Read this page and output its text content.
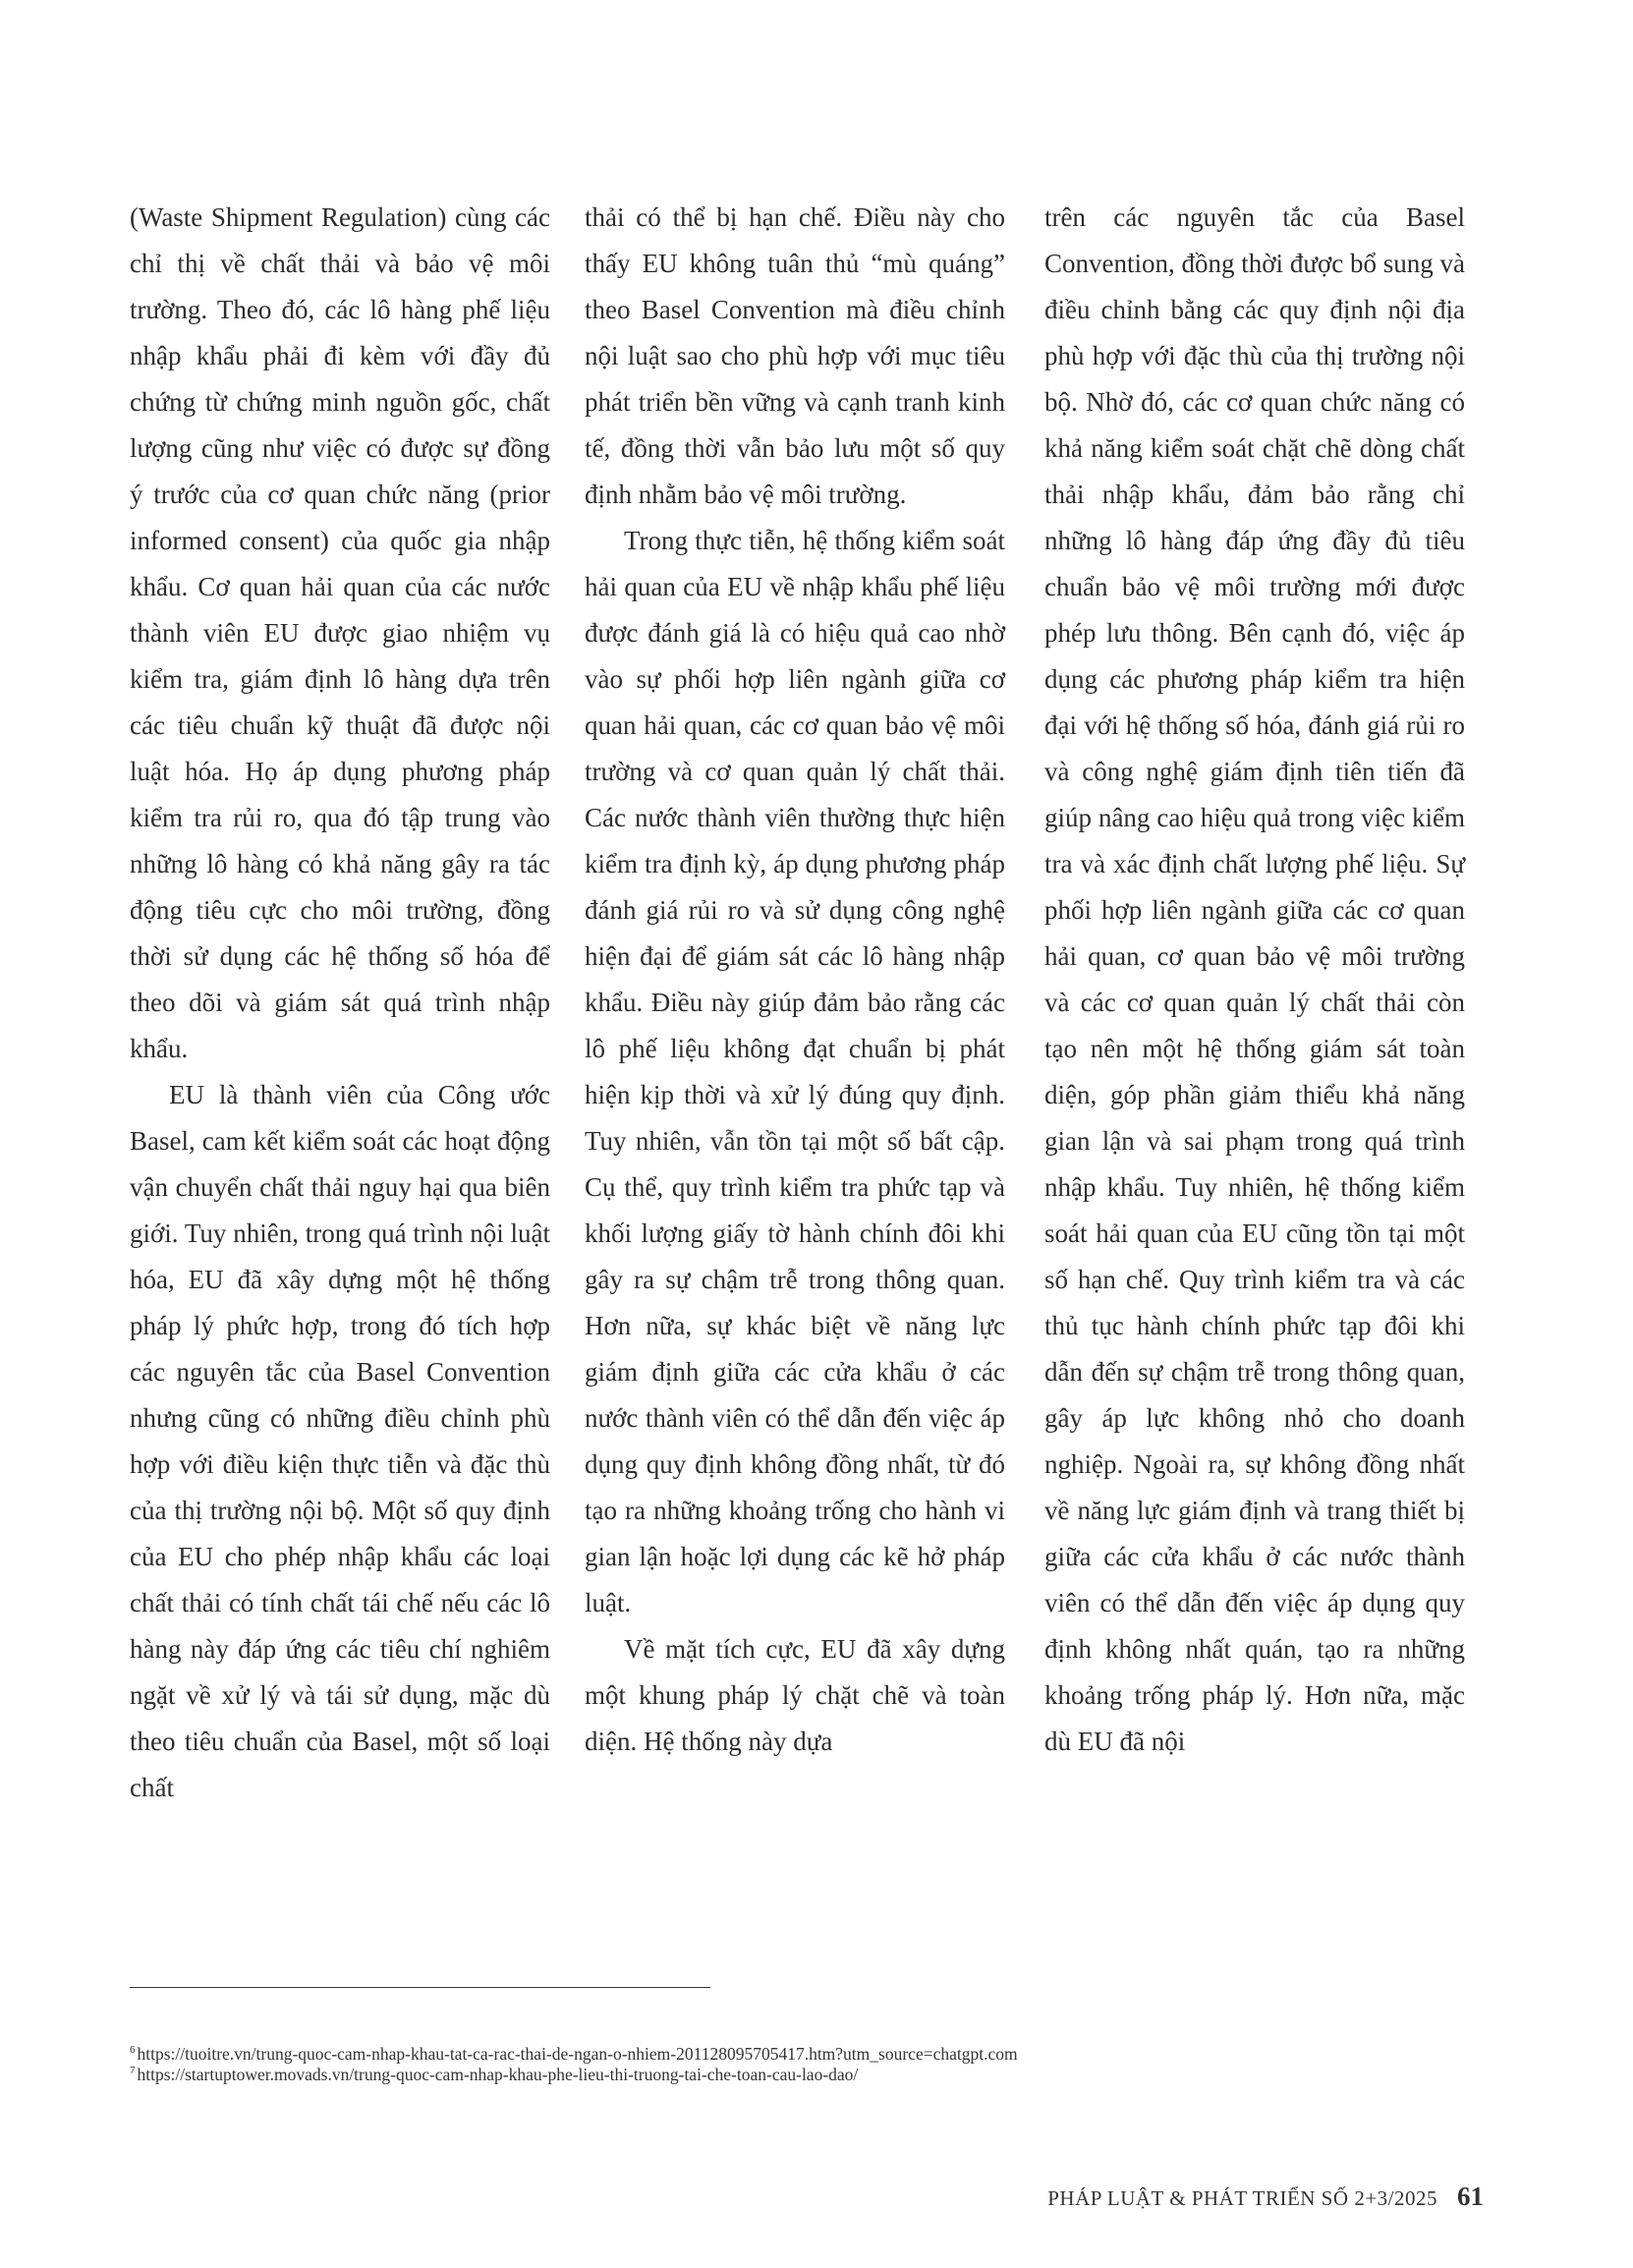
(Waste Shipment Regulation) cùng các chỉ thị về chất thải và bảo vệ môi trường. Theo đó, các lô hàng phế liệu nhập khẩu phải đi kèm với đầy đủ chứng từ chứng minh nguồn gốc, chất lượng cũng như việc có được sự đồng ý trước của cơ quan chức năng (prior informed consent) của quốc gia nhập khẩu. Cơ quan hải quan của các nước thành viên EU được giao nhiệm vụ kiểm tra, giám định lô hàng dựa trên các tiêu chuẩn kỹ thuật đã được nội luật hóa. Họ áp dụng phương pháp kiểm tra rủi ro, qua đó tập trung vào những lô hàng có khả năng gây ra tác động tiêu cực cho môi trường, đồng thời sử dụng các hệ thống số hóa để theo dõi và giám sát quá trình nhập khẩu.

EU là thành viên của Công ước Basel, cam kết kiểm soát các hoạt động vận chuyển chất thải nguy hại qua biên giới. Tuy nhiên, trong quá trình nội luật hóa, EU đã xây dựng một hệ thống pháp lý phức hợp, trong đó tích hợp các nguyên tắc của Basel Convention nhưng cũng có những điều chỉnh phù hợp với điều kiện thực tiễn và đặc thù của thị trường nội bộ. Một số quy định của EU cho phép nhập khẩu các loại chất thải có tính chất tái chế nếu các lô hàng này đáp ứng các tiêu chí nghiêm ngặt về xử lý và tái sử dụng, mặc dù theo tiêu chuẩn của Basel, một số loại chất

thải có thể bị hạn chế. Điều này cho thấy EU không tuân thủ “mù quáng” theo Basel Convention mà điều chỉnh nội luật sao cho phù hợp với mục tiêu phát triển bền vững và cạnh tranh kinh tế, đồng thời vẫn bảo lưu một số quy định nhằm bảo vệ môi trường.

Trong thực tiễn, hệ thống kiểm soát hải quan của EU về nhập khẩu phế liệu được đánh giá là có hiệu quả cao nhờ vào sự phối hợp liên ngành giữa cơ quan hải quan, các cơ quan bảo vệ môi trường và cơ quan quản lý chất thải. Các nước thành viên thường thực hiện kiểm tra định kỳ, áp dụng phương pháp đánh giá rủi ro và sử dụng công nghệ hiện đại để giám sát các lô hàng nhập khẩu. Điều này giúp đảm bảo rằng các lô phế liệu không đạt chuẩn bị phát hiện kịp thời và xử lý đúng quy định. Tuy nhiên, vẫn tồn tại một số bất cập. Cụ thể, quy trình kiểm tra phức tạp và khối lượng giấy tờ hành chính đôi khi gây ra sự chậm trễ trong thông quan. Hơn nữa, sự khác biệt về năng lực giám định giữa các cửa khẩu ở các nước thành viên có thể dẫn đến việc áp dụng quy định không đồng nhất, từ đó tạo ra những khoảng trống cho hành vi gian lận hoặc lợi dụng các kẽ hở pháp luật.

Về mặt tích cực, EU đã xây dựng một khung pháp lý chặt chẽ và toàn diện. Hệ thống này dựa

trên các nguyên tắc của Basel Convention, đồng thời được bổ sung và điều chỉnh bằng các quy định nội địa phù hợp với đặc thù của thị trường nội bộ. Nhờ đó, các cơ quan chức năng có khả năng kiểm soát chặt chẽ dòng chất thải nhập khẩu, đảm bảo rằng chỉ những lô hàng đáp ứng đầy đủ tiêu chuẩn bảo vệ môi trường mới được phép lưu thông. Bên cạnh đó, việc áp dụng các phương pháp kiểm tra hiện đại với hệ thống số hóa, đánh giá rủi ro và công nghệ giám định tiên tiến đã giúp nâng cao hiệu quả trong việc kiểm tra và xác định chất lượng phế liệu. Sự phối hợp liên ngành giữa các cơ quan hải quan, cơ quan bảo vệ môi trường và các cơ quan quản lý chất thải còn tạo nên một hệ thống giám sát toàn diện, góp phần giảm thiểu khả năng gian lận và sai phạm trong quá trình nhập khẩu. Tuy nhiên, hệ thống kiểm soát hải quan của EU cũng tồn tại một số hạn chế. Quy trình kiểm tra và các thủ tục hành chính phức tạp đôi khi dẫn đến sự chậm trễ trong thông quan, gây áp lực không nhỏ cho doanh nghiệp. Ngoài ra, sự không đồng nhất về năng lực giám định và trang thiết bị giữa các cửa khẩu ở các nước thành viên có thể dẫn đến việc áp dụng quy định không nhất quán, tạo ra những khoảng trống pháp lý. Hơn nữa, mặc dù EU đã nội

$^6$ https://tuoitre.vn/trung-quoc-cam-nhap-khau-tat-ca-rac-thai-de-ngan-o-nhiem-20112809570541​7.htm?utm_source=chatgpt.com
$^7$ https://startuptower.movads.vn/trung-quoc-cam-nhap-khau-phe-lieu-thi-truong-tai-che-toan-cau-lao-dao/
PHÁP LUẬT & PHÁT TRIỂN SỐ 2+3/2025 61
